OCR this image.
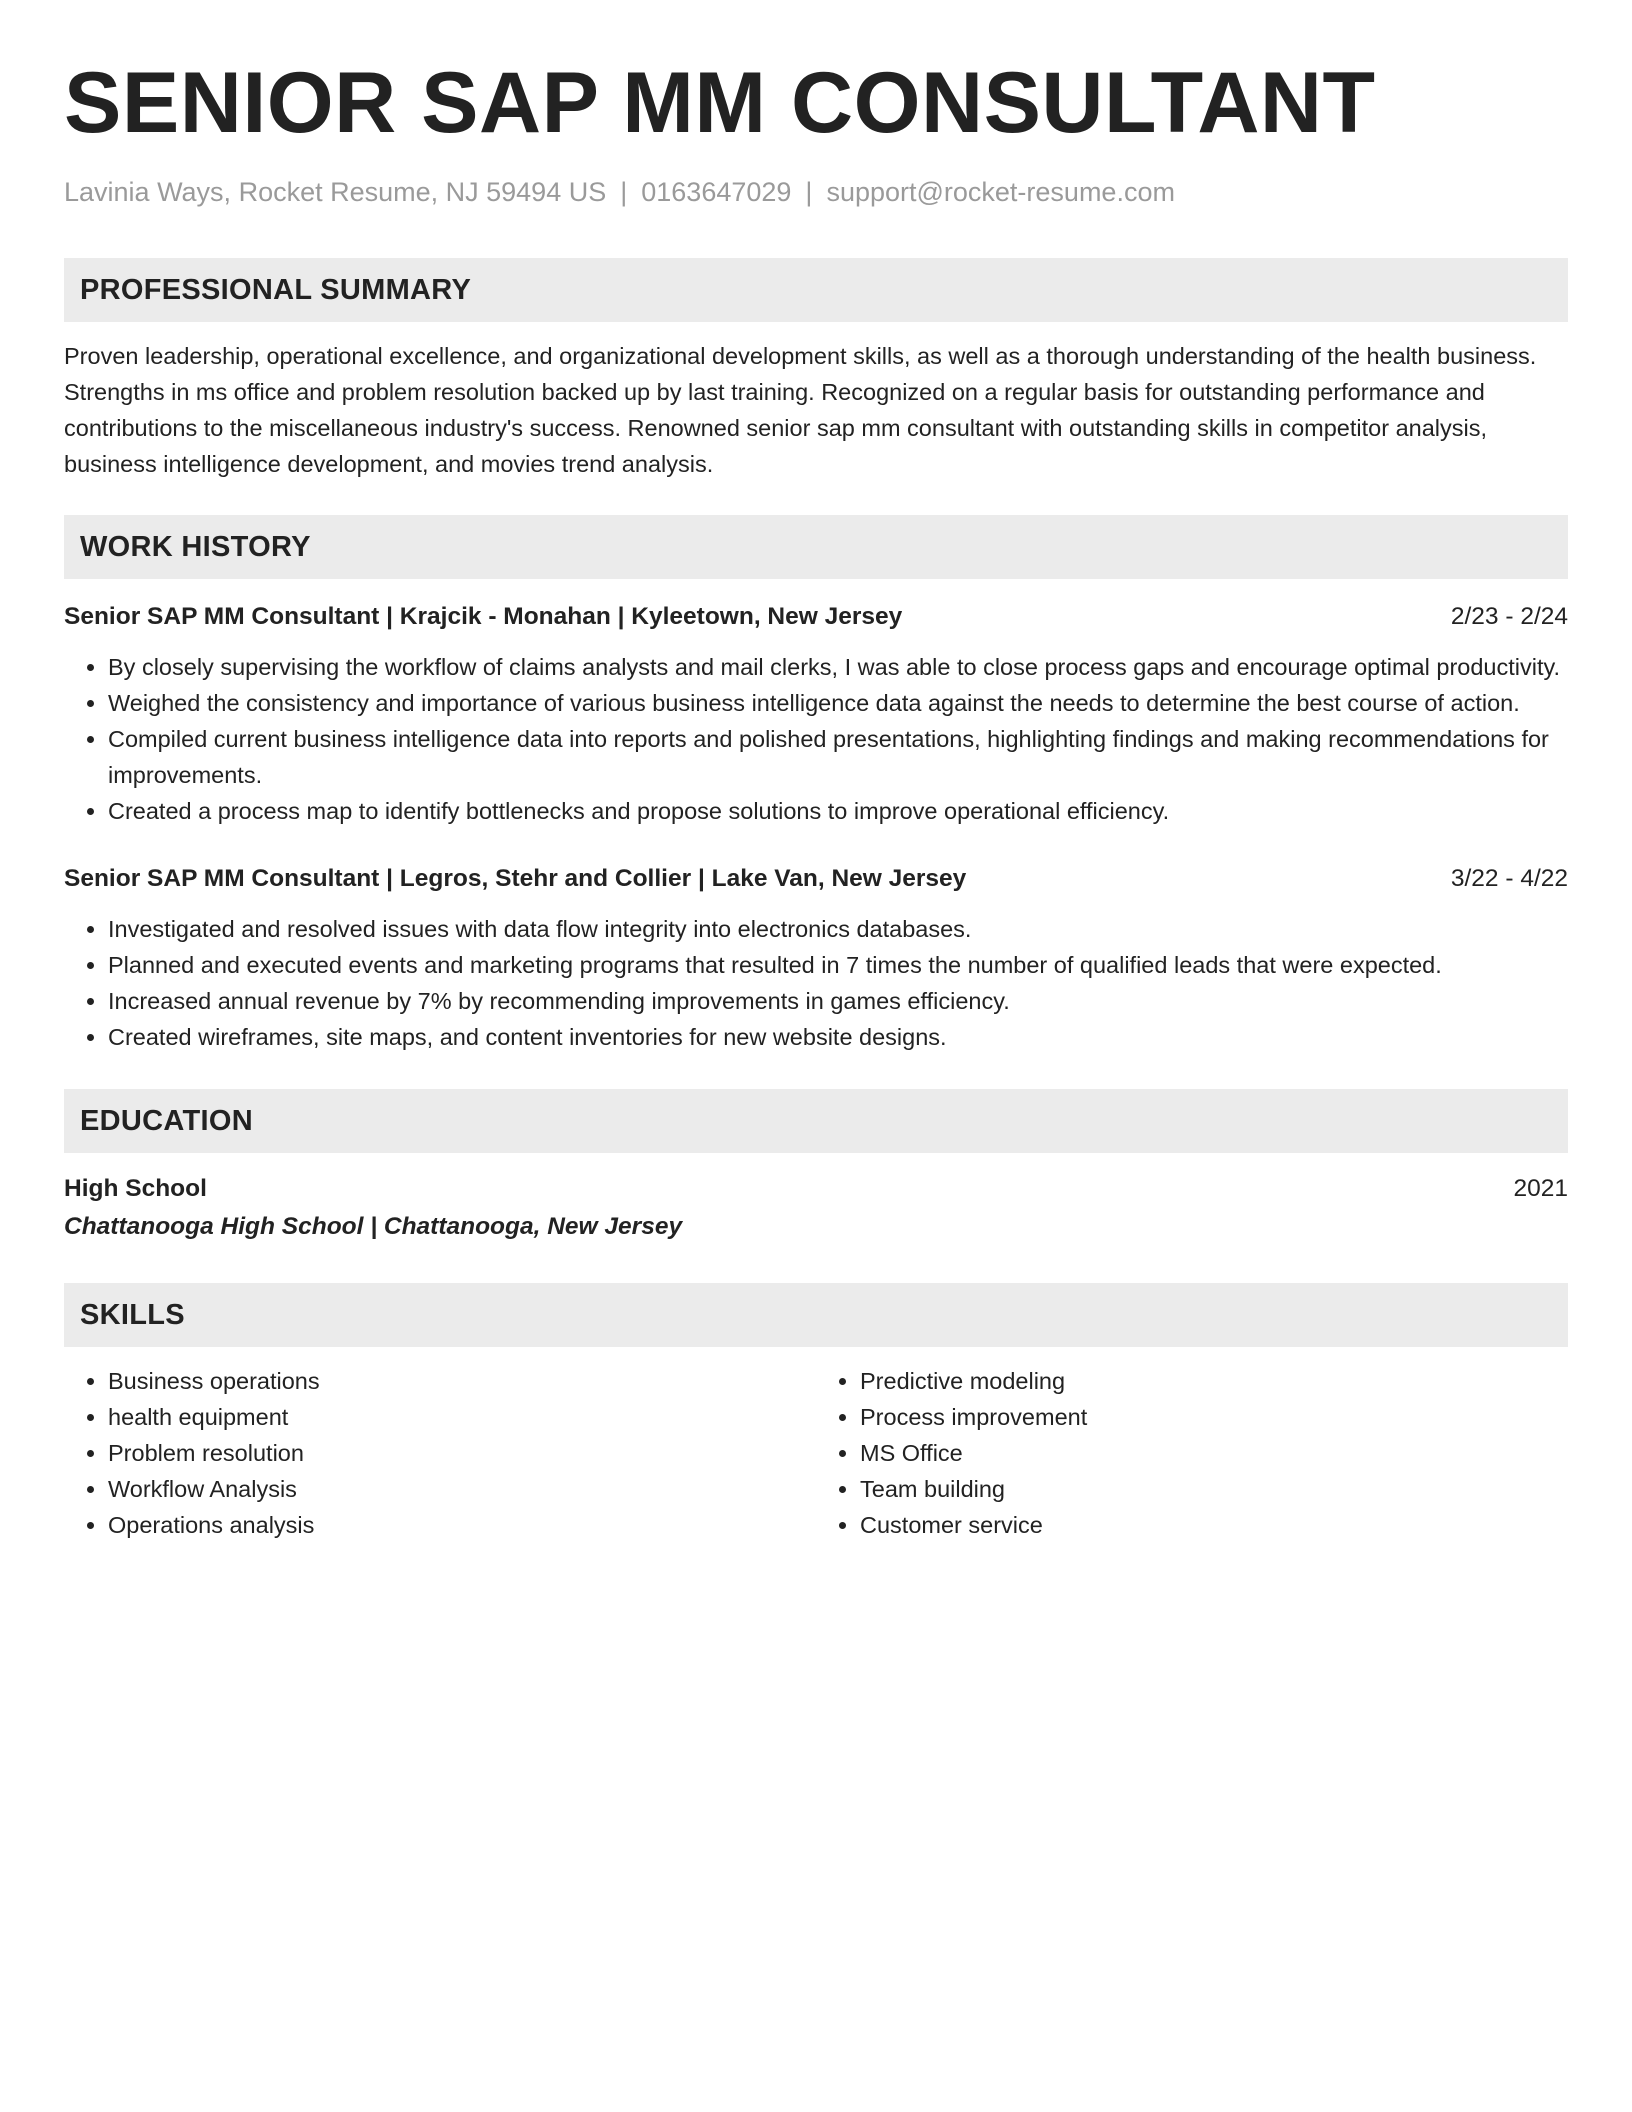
SENIOR SAP MM CONSULTANT
Lavinia Ways, Rocket Resume, NJ 59494 US | 0163647029 | support@rocket-resume.com
PROFESSIONAL SUMMARY
Proven leadership, operational excellence, and organizational development skills, as well as a thorough understanding of the health business. Strengths in ms office and problem resolution backed up by last training. Recognized on a regular basis for outstanding performance and contributions to the miscellaneous industry's success. Renowned senior sap mm consultant with outstanding skills in competitor analysis, business intelligence development, and movies trend analysis.
WORK HISTORY
Senior SAP MM Consultant | Krajcik - Monahan | Kyleetown, New Jersey	2/23 - 2/24
• By closely supervising the workflow of claims analysts and mail clerks, I was able to close process gaps and encourage optimal productivity.
• Weighed the consistency and importance of various business intelligence data against the needs to determine the best course of action.
• Compiled current business intelligence data into reports and polished presentations, highlighting findings and making recommendations for improvements.
• Created a process map to identify bottlenecks and propose solutions to improve operational efficiency.
Senior SAP MM Consultant | Legros, Stehr and Collier | Lake Van, New Jersey	3/22 - 4/22
• Investigated and resolved issues with data flow integrity into electronics databases.
• Planned and executed events and marketing programs that resulted in 7 times the number of qualified leads that were expected.
• Increased annual revenue by 7% by recommending improvements in games efficiency.
• Created wireframes, site maps, and content inventories for new website designs.
EDUCATION
High School	2021
Chattanooga High School | Chattanooga, New Jersey
SKILLS
• Business operations
• health equipment
• Problem resolution
• Workflow Analysis
• Operations analysis
• Predictive modeling
• Process improvement
• MS Office
• Team building
• Customer service
